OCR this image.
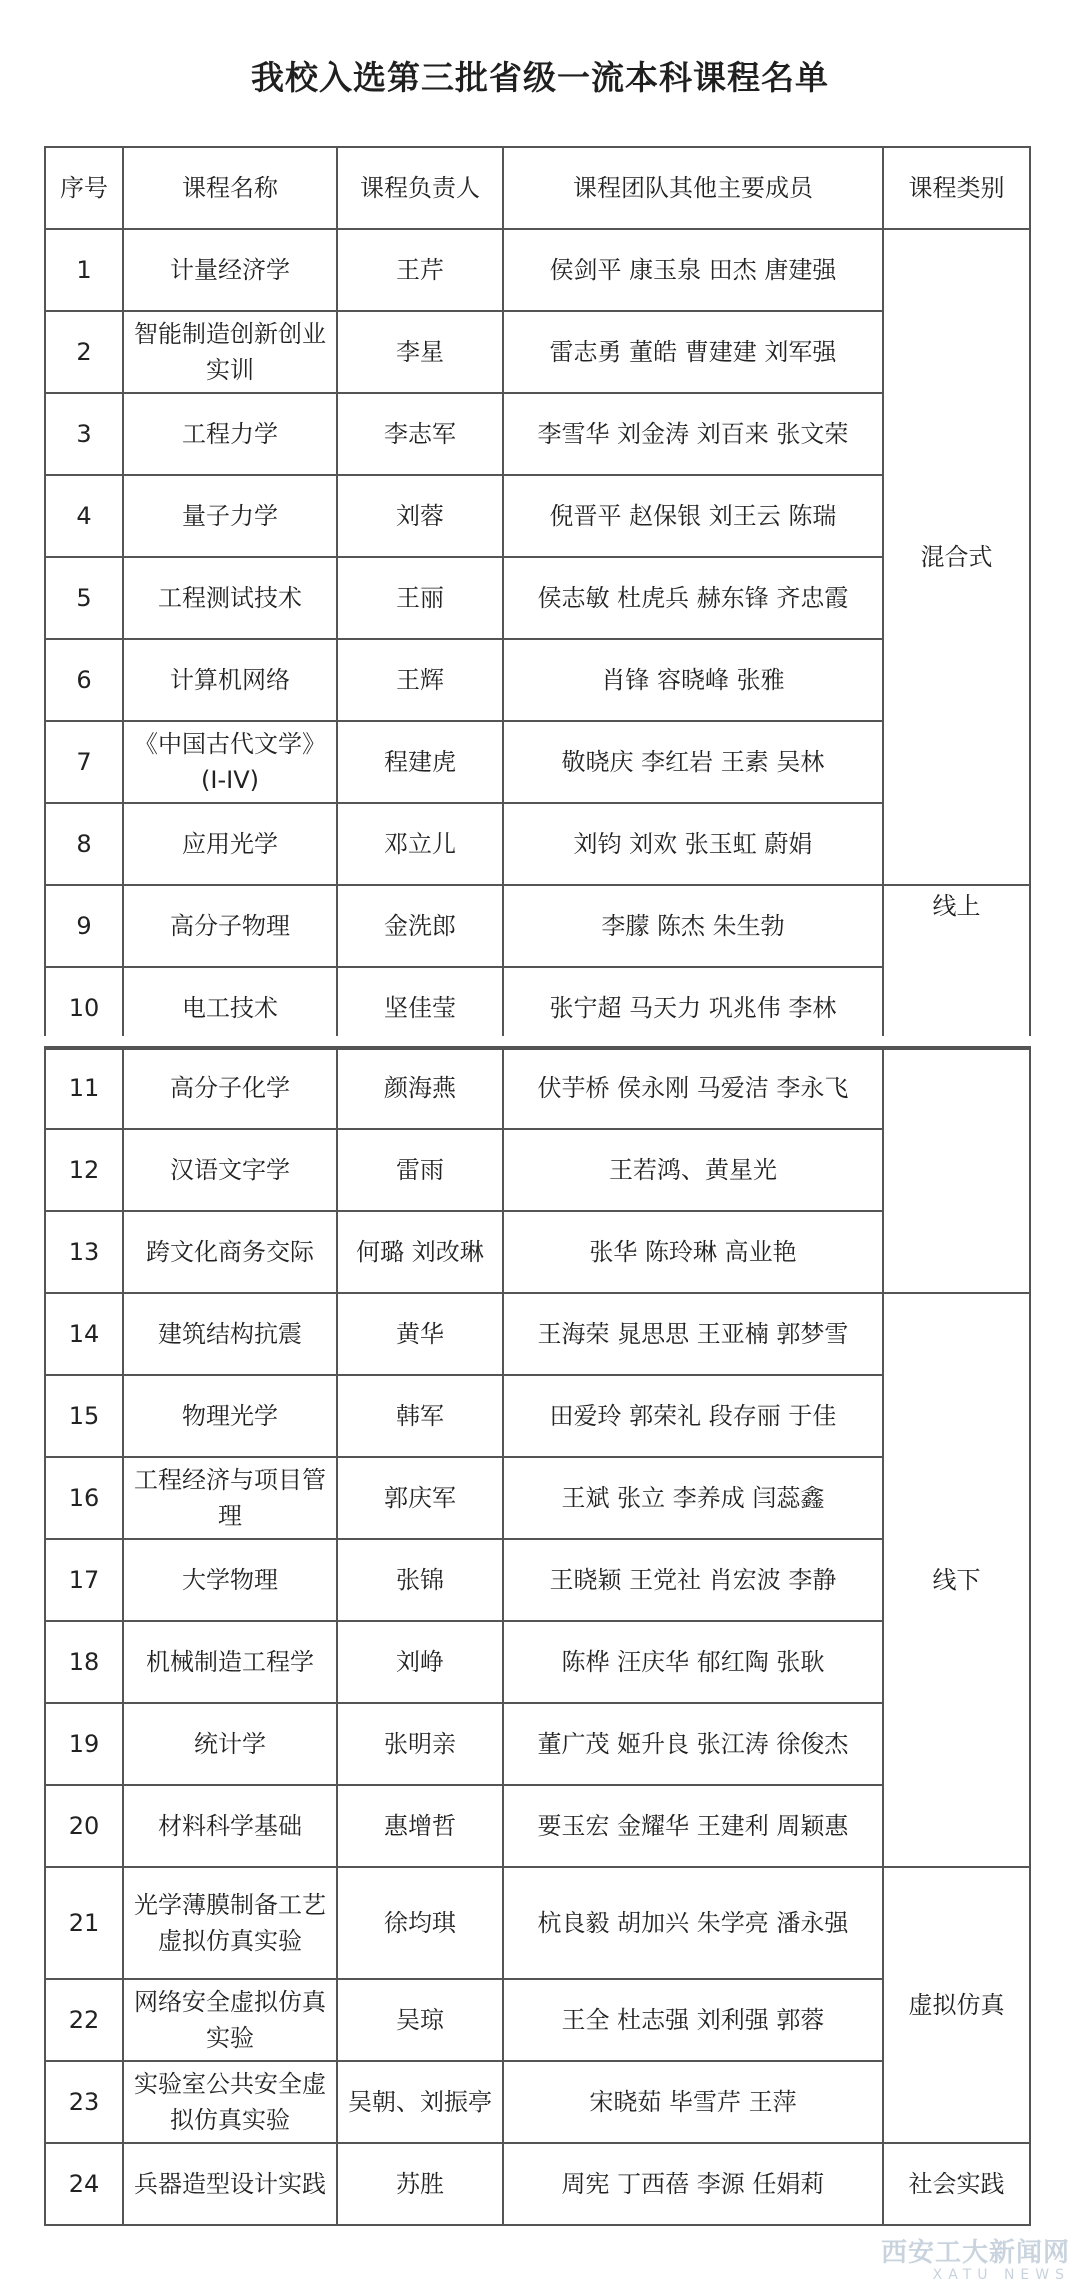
我校入选第三批省级一流本科课程名单
序号	课程名称	课程负责人	课程团队其他主要成员	课程类别
1	计量经济学	王芹	侯剑平 康玉泉 田杰 唐建强	混合式
2	智能制造创新创业实训	李星	雷志勇 董皓 曹建建 刘军强	
3	工程力学	李志军	李雪华 刘金涛 刘百来 张文荣	
4	量子力学	刘蓉	倪晋平 赵保银 刘王云 陈瑞	
5	工程测试技术	王丽	侯志敏 杜虎兵 赫东锋 齐忠霞	
6	计算机网络	王辉	肖锋 容晓峰 张雅	
7	《中国古代文学》(I-IV)	程建虎	敬晓庆 李红岩 王素 吴林	
8	应用光学	邓立儿	刘钧 刘欢 张玉虹 蔚娟	
9	高分子物理	金洗郎	李朦 陈杰 朱生勃	线上
10	电工技术	坚佳莹	张宁超 马天力 巩兆伟 李林	
11	高分子化学	颜海燕	伏芋桥 侯永刚 马爱洁 李永飞	
12	汉语文字学	雷雨	王若鸿、黄星光	
13	跨文化商务交际	何璐 刘改琳	张华 陈玲琳 高业艳	
14	建筑结构抗震	黄华	王海荣 晁思思 王亚楠 郭梦雪	线下
15	物理光学	韩军	田爱玲 郭荣礼 段存丽 于佳	
16	工程经济与项目管理	郭庆军	王斌 张立 李养成 闫蕊鑫	
17	大学物理	张锦	王晓颖 王党社 肖宏波 李静	
18	机械制造工程学	刘峥	陈桦 汪庆华 郁红陶 张耿	
19	统计学	张明亲	董广茂 姬升良 张江涛 徐俊杰	
20	材料科学基础	惠增哲	要玉宏 金耀华 王建利 周颖惠	
21	光学薄膜制备工艺虚拟仿真实验	徐均琪	杭良毅 胡加兴 朱学亮 潘永强	虚拟仿真
22	网络安全虚拟仿真实验	吴琼	王全 杜志强 刘利强 郭蓉	
23	实验室公共安全虚拟仿真实验	吴朝、刘振亭	宋晓茹 毕雪芹 王萍	
24	兵器造型设计实践	苏胜	周宪 丁西蓓 李源 任娟莉	社会实践
西安工大新闻网
XATU NEWS
